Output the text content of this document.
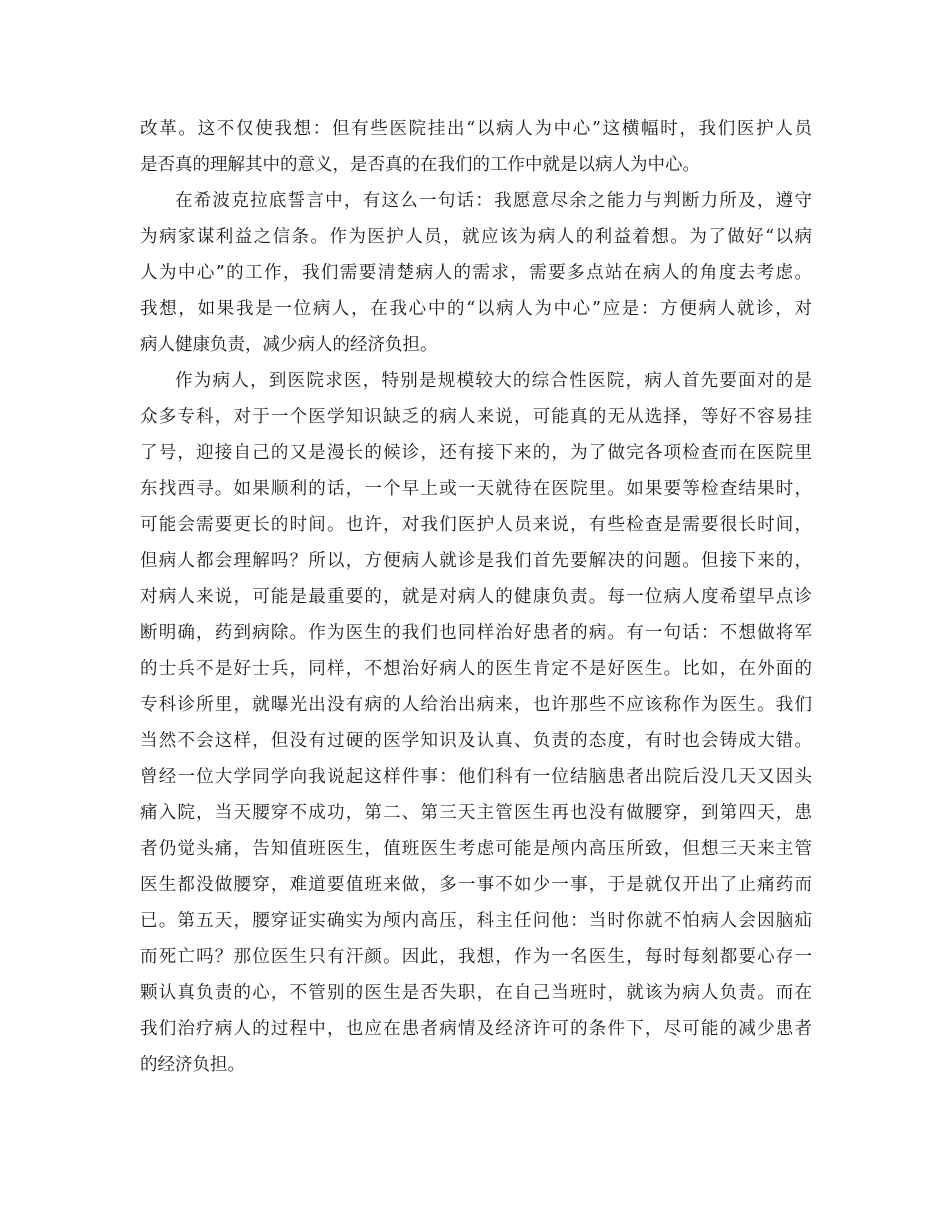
改革。这不仅使我想：但有些医院挂出“以病人为中心”这横幅时，我们医护人员
是否真的理解其中的意义，是否真的在我们的工作中就是以病人为中心。
在希波克拉底誓言中，有这么一句话：我愿意尽余之能力与判断力所及，遵守
为病家谋利益之信条。作为医护人员，就应该为病人的利益着想。为了做好“以病
人为中心”的工作，我们需要清楚病人的需求，需要多点站在病人的角度去考虑。
我想，如果我是一位病人，在我心中的“以病人为中心”应是：方便病人就诊，对
病人健康负责，减少病人的经济负担。
作为病人，到医院求医，特别是规模较大的综合性医院，病人首先要面对的是
众多专科，对于一个医学知识缺乏的病人来说，可能真的无从选择，等好不容易挂
了号，迎接自己的又是漫长的候诊，还有接下来的，为了做完各项检查而在医院里
东找西寻。如果顺利的话，一个早上或一天就待在医院里。如果要等检查结果时，
可能会需要更长的时间。也许，对我们医护人员来说，有些检查是需要很长时间，
但病人都会理解吗？所以，方便病人就诊是我们首先要解决的问题。但接下来的，
对病人来说，可能是最重要的，就是对病人的健康负责。每一位病人度希望早点诊
断明确，药到病除。作为医生的我们也同样治好患者的病。有一句话：不想做将军
的士兵不是好士兵，同样，不想治好病人的医生肯定不是好医生。比如，在外面的
专科诊所里，就曝光出没有病的人给治出病来，也许那些不应该称作为医生。我们
当然不会这样，但没有过硬的医学知识及认真、负责的态度，有时也会铸成大错。
曾经一位大学同学向我说起这样件事：他们科有一位结脑患者出院后没几天又因头
痛入院，当天腰穿不成功，第二、第三天主管医生再也没有做腰穿，到第四天，患
者仍觉头痛，告知值班医生，值班医生考虑可能是颅内高压所致，但想三天来主管
医生都没做腰穿，难道要值班来做，多一事不如少一事，于是就仅开出了止痛药而
已。第五天，腰穿证实确实为颅内高压，科主任问他：当时你就不怕病人会因脑疝
而死亡吗？那位医生只有汗颜。因此，我想，作为一名医生，每时每刻都要心存一
颗认真负责的心，不管别的医生是否失职，在自己当班时，就该为病人负责。而在
我们治疗病人的过程中，也应在患者病情及经济许可的条件下，尽可能的减少患者
的经济负担。
